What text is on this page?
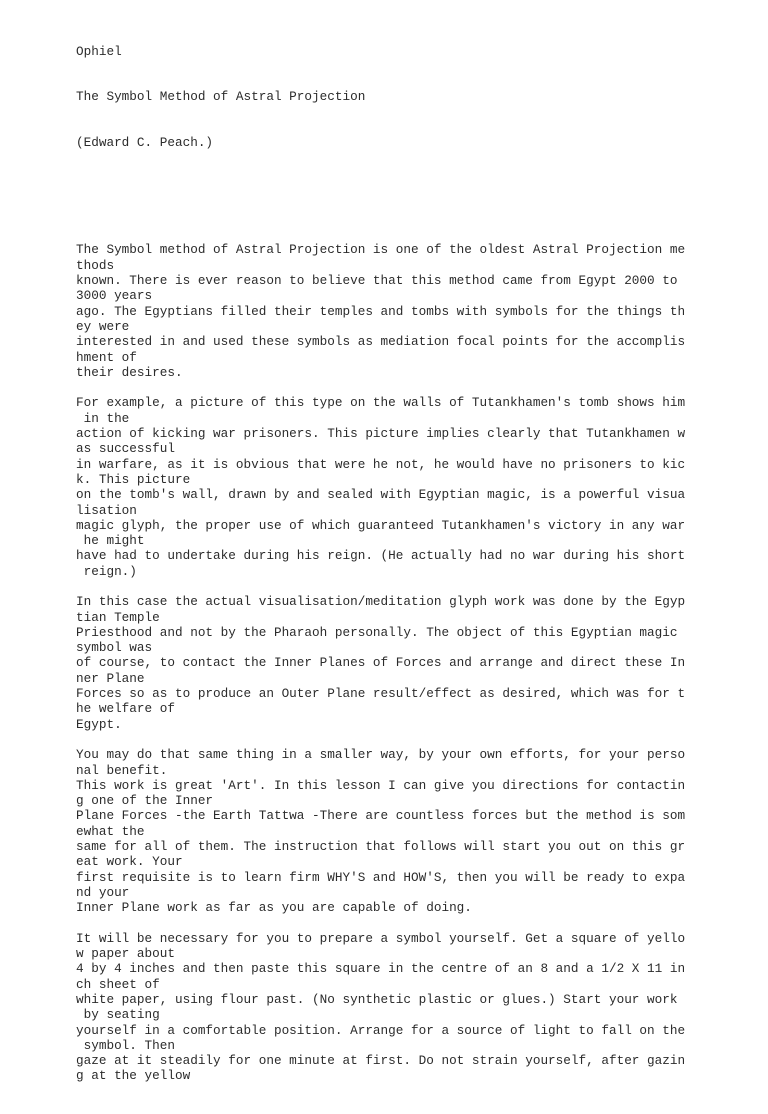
Ophiel

The Symbol Method of Astral Projection

(Edward C. Peach.)

The Symbol method of Astral Projection is one of the oldest Astral Projection me
thods
known. There is ever reason to believe that this method came from Egypt 2000 to
3000 years
ago. The Egyptians filled their temples and tombs with symbols for the things th
ey were
interested in and used these symbols as mediation focal points for the accomplis
hment of
their desires.
For example, a picture of this type on the walls of Tutankhamen's tomb shows him
in the
action of kicking war prisoners. This picture implies clearly that Tutankhamen w
as successful
in warfare, as it is obvious that were he not, he would have no prisoners to kic
k. This picture
on the tomb's wall, drawn by and sealed with Egyptian magic, is a powerful visua
lisation
magic glyph, the proper use of which guaranteed Tutankhamen's victory in any war
he might
have had to undertake during his reign. (He actually had no war during his short
reign.)
In this case the actual visualisation/meditation glyph work was done by the Egyp
tian Temple
Priesthood and not by the Pharaoh personally. The object of this Egyptian magic
symbol was
of course, to contact the Inner Planes of Forces and arrange and direct these In
ner Plane
Forces so as to produce an Outer Plane result/effect as desired, which was for t
he welfare of
Egypt.
You may do that same thing in a smaller way, by your own efforts, for your perso
nal benefit.
This work is great 'Art'. In this lesson I can give you directions for contactin
g one of the Inner
Plane Forces -the Earth Tattwa -There are countless forces but the method is som
ewhat the
same for all of them. The instruction that follows will start you out on this gr
eat work. Your
first requisite is to learn firm WHY'S and HOW'S, then you will be ready to expa
nd your
Inner Plane work as far as you are capable of doing.
It will be necessary for you to prepare a symbol yourself. Get a square of yello
w paper about
4 by 4 inches and then paste this square in the centre of an 8 and a 1/2 X 11 in
ch sheet of
white paper, using flour past. (No synthetic plastic or glues.) Start your work
by seating
yourself in a comfortable position. Arrange for a source of light to fall on the
symbol. Then
gaze at it steadily for one minute at first. Do not strain yourself, after gazin
g at the yellow
